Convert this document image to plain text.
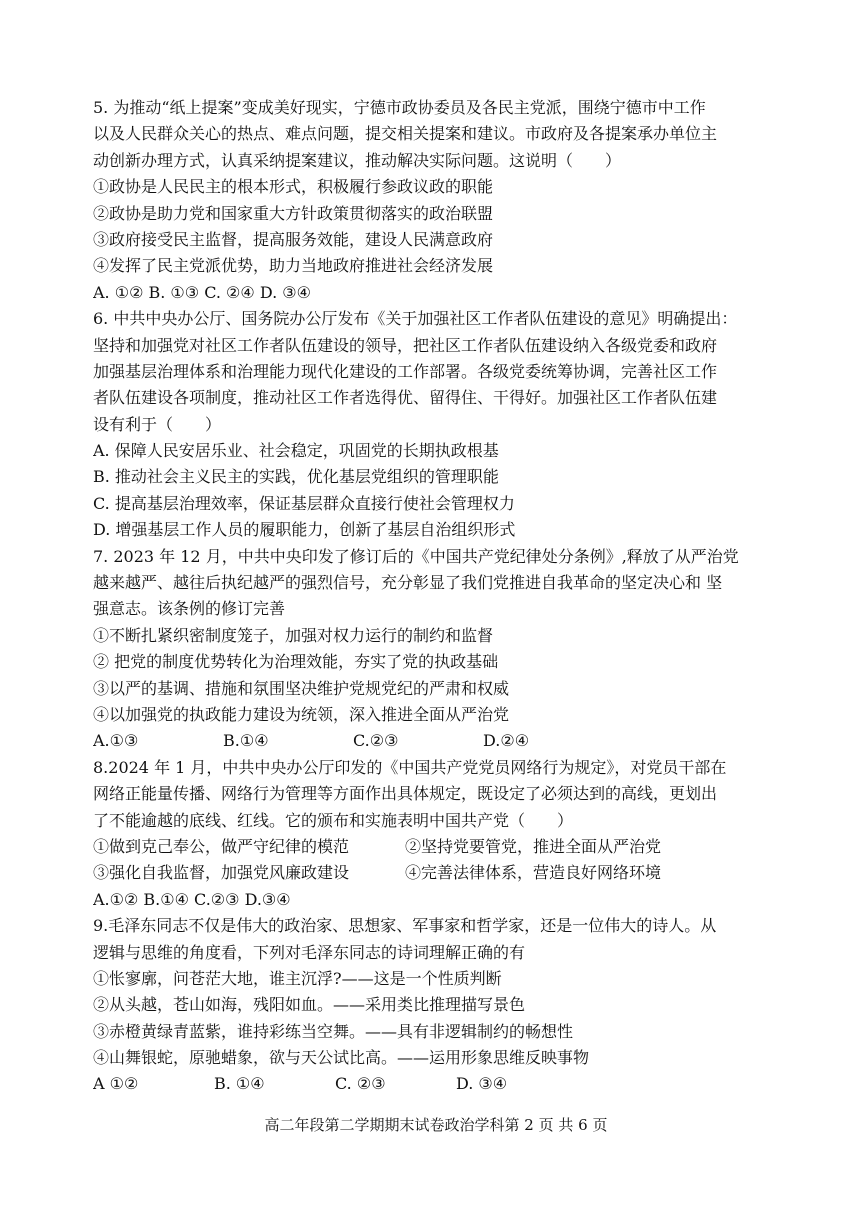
5. 为推动“纸上提案”变成美好现实，宁德市政协委员及各民主党派，围绕宁德市中工作
以及人民群众关心的热点、难点问题，提交相关提案和建议。市政府及各提案承办单位主
动创新办理方式，认真采纳提案建议，推动解决实际问题。这说明（　　）
①政协是人民民主的根本形式，积极履行参政议政的职能
②政协是助力党和国家重大方针政策贯彻落实的政治联盟
③政府接受民主监督，提高服务效能，建设人民满意政府
④发挥了民主党派优势，助力当地政府推进社会经济发展
A. ①② B. ①③ C. ②④ D. ③④
6. 中共中央办公厅、国务院办公厅发布《关于加强社区工作者队伍建设的意见》明确提出：
坚持和加强党对社区工作者队伍建设的领导，把社区工作者队伍建设纳入各级党委和政府
加强基层治理体系和治理能力现代化建设的工作部署。各级党委统筹协调，完善社区工作
者队伍建设各项制度，推动社区工作者选得优、留得住、干得好。加强社区工作者队伍建
设有利于（　　）
A. 保障人民安居乐业、社会稳定，巩固党的长期执政根基
B. 推动社会主义民主的实践，优化基层党组织的管理职能
C. 提高基层治理效率，保证基层群众直接行使社会管理权力
D. 增强基层工作人员的履职能力，创新了基层自治组织形式
7. 2023 年 12 月，中共中央印发了修订后的《中国共产党纪律处分条例》,释放了从严治党
越来越严、越往后执纪越严的强烈信号，充分彰显了我们党推进自我革命的坚定决心和 坚
强意志。该条例的修订完善
①不断扎紧织密制度笼子，加强对权力运行的制约和监督
② 把党的制度优势转化为治理效能，夯实了党的执政基础
③以严的基调、措施和氛围坚决维护党规党纪的严肃和权威
④以加强党的执政能力建设为统领，深入推进全面从严治党
A.①③	B.①④	C.②③	D.②④
8.2024 年 1 月，中共中央办公厅印发的《中国共产党党员网络行为规定》，对党员干部在
网络正能量传播、网络行为管理等方面作出具体规定，既设定了必须达到的高线，更划出
了不能逾越的底线、红线。它的颁布和实施表明中国共产党（　　）
①做到克己奉公，做严守纪律的模范	②坚持党要管党，推进全面从严治党
③强化自我监督，加强党风廉政建设	④完善法律体系，营造良好网络环境
A.①② B.①④ C.②③ D.③④
9.毛泽东同志不仅是伟大的政治家、思想家、军事家和哲学家，还是一位伟大的诗人。从
逻辑与思维的角度看，下列对毛泽东同志的诗词理解正确的有
①怅寥廓，问苍茫大地，谁主沉浮?——这是一个性质判断
②从头越，苍山如海，残阳如血。——采用类比推理描写景色
③赤橙黄绿青蓝紫，谁持彩练当空舞。——具有非逻辑制约的畅想性
④山舞银蛇，原驰蜡象，欲与天公试比高。——运用形象思维反映事物
A ①②	B. ①④	C. ②③	D. ③④
高二年段第二学期期末试卷政治学科第 2 页 共 6 页
